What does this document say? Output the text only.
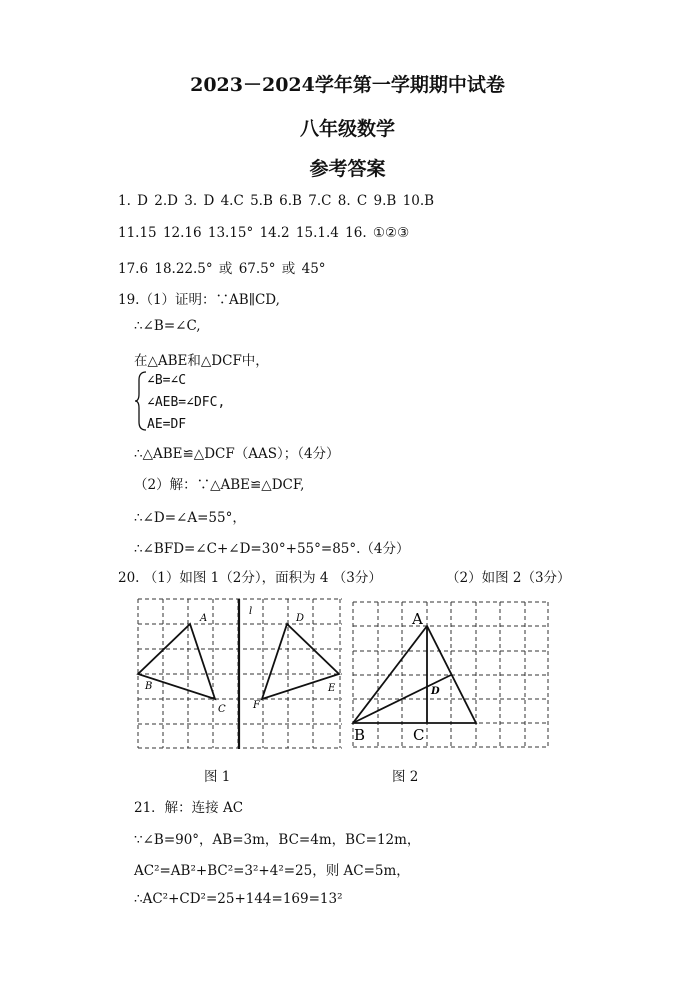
2023－2024学年第一学期期中试卷
八年级数学
参考答案
1. D 2.D 3. D 4.C 5.B 6.B 7.C 8. C 9.B 10.B
11.15 12.16 13.15° 14.2 15.1.4 16. ①②③
17.6 18.22.5° 或 67.5° 或 45°
19.（1）证明：∵AB∥CD,
∴∠B=∠C,
在△ABE和△DCF中，
∠B=∠C
∠AEB=∠DFC,
AE=DF
∴△ABE≌△DCF（AAS）；（4分）
（2）解：∵△ABE≌△DCF,
∴∠D=∠A=55°，
∴∠BFD=∠C+∠D=30°+55°=85°.（4分）
20. （1）如图 1（2分），面积为 4 （3分）	（2）如图 2（3分）
A
B
C
D
E
F
l	A
B	C
D
图 1	图 2
21．解：连接 AC
∵∠B=90°，AB=3m，BC=4m，BC=12m，
AC²=AB²+BC²=3²+4²=25，则 AC=5m，
∴AC²+CD²=25+144=169=13²
